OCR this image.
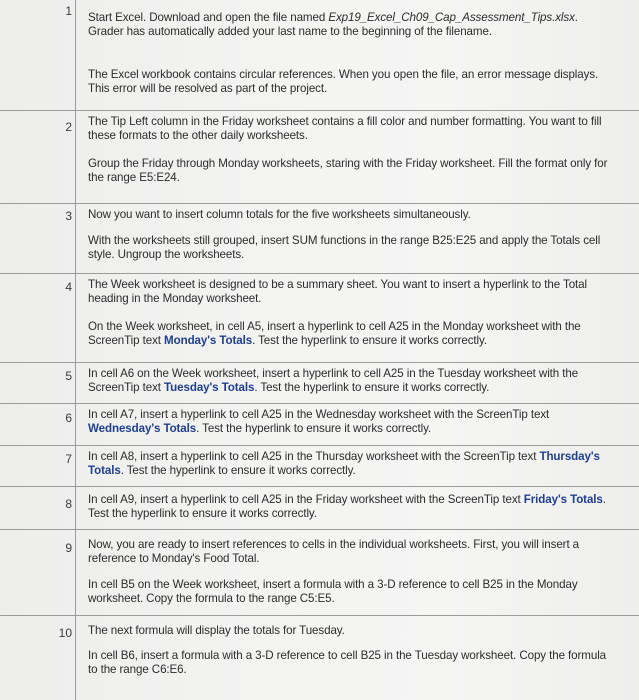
1 Start Excel. Download and open the file named Exp19_Excel_Ch09_Cap_Assessment_Tips.xlsx. Grader has automatically added your last name to the beginning of the filename.
The Excel workbook contains circular references. When you open the file, an error message displays. This error will be resolved as part of the project.
2 The Tip Left column in the Friday worksheet contains a fill color and number formatting. You want to fill these formats to the other daily worksheets.
Group the Friday through Monday worksheets, staring with the Friday worksheet. Fill the format only for the range E5:E24.
3 Now you want to insert column totals for the five worksheets simultaneously.
With the worksheets still grouped, insert SUM functions in the range B25:E25 and apply the Totals cell style. Ungroup the worksheets.
4 The Week worksheet is designed to be a summary sheet. You want to insert a hyperlink to the Total heading in the Monday worksheet.
On the Week worksheet, in cell A5, insert a hyperlink to cell A25 in the Monday worksheet with the ScreenTip text Monday's Totals. Test the hyperlink to ensure it works correctly.
5 In cell A6 on the Week worksheet, insert a hyperlink to cell A25 in the Tuesday worksheet with the ScreenTip text Tuesday's Totals. Test the hyperlink to ensure it works correctly.
6 In cell A7, insert a hyperlink to cell A25 in the Wednesday worksheet with the ScreenTip text Wednesday's Totals. Test the hyperlink to ensure it works correctly.
7 In cell A8, insert a hyperlink to cell A25 in the Thursday worksheet with the ScreenTip text Thursday's Totals. Test the hyperlink to ensure it works correctly.
8 In cell A9, insert a hyperlink to cell A25 in the Friday worksheet with the ScreenTip text Friday's Totals. Test the hyperlink to ensure it works correctly.
9 Now, you are ready to insert references to cells in the individual worksheets. First, you will insert a reference to Monday's Food Total.
In cell B5 on the Week worksheet, insert a formula with a 3-D reference to cell B25 in the Monday worksheet. Copy the formula to the range C5:E5.
10 The next formula will display the totals for Tuesday.
In cell B6, insert a formula with a 3-D reference to cell B25 in the Tuesday worksheet. Copy the formula to the range C6:E6.
